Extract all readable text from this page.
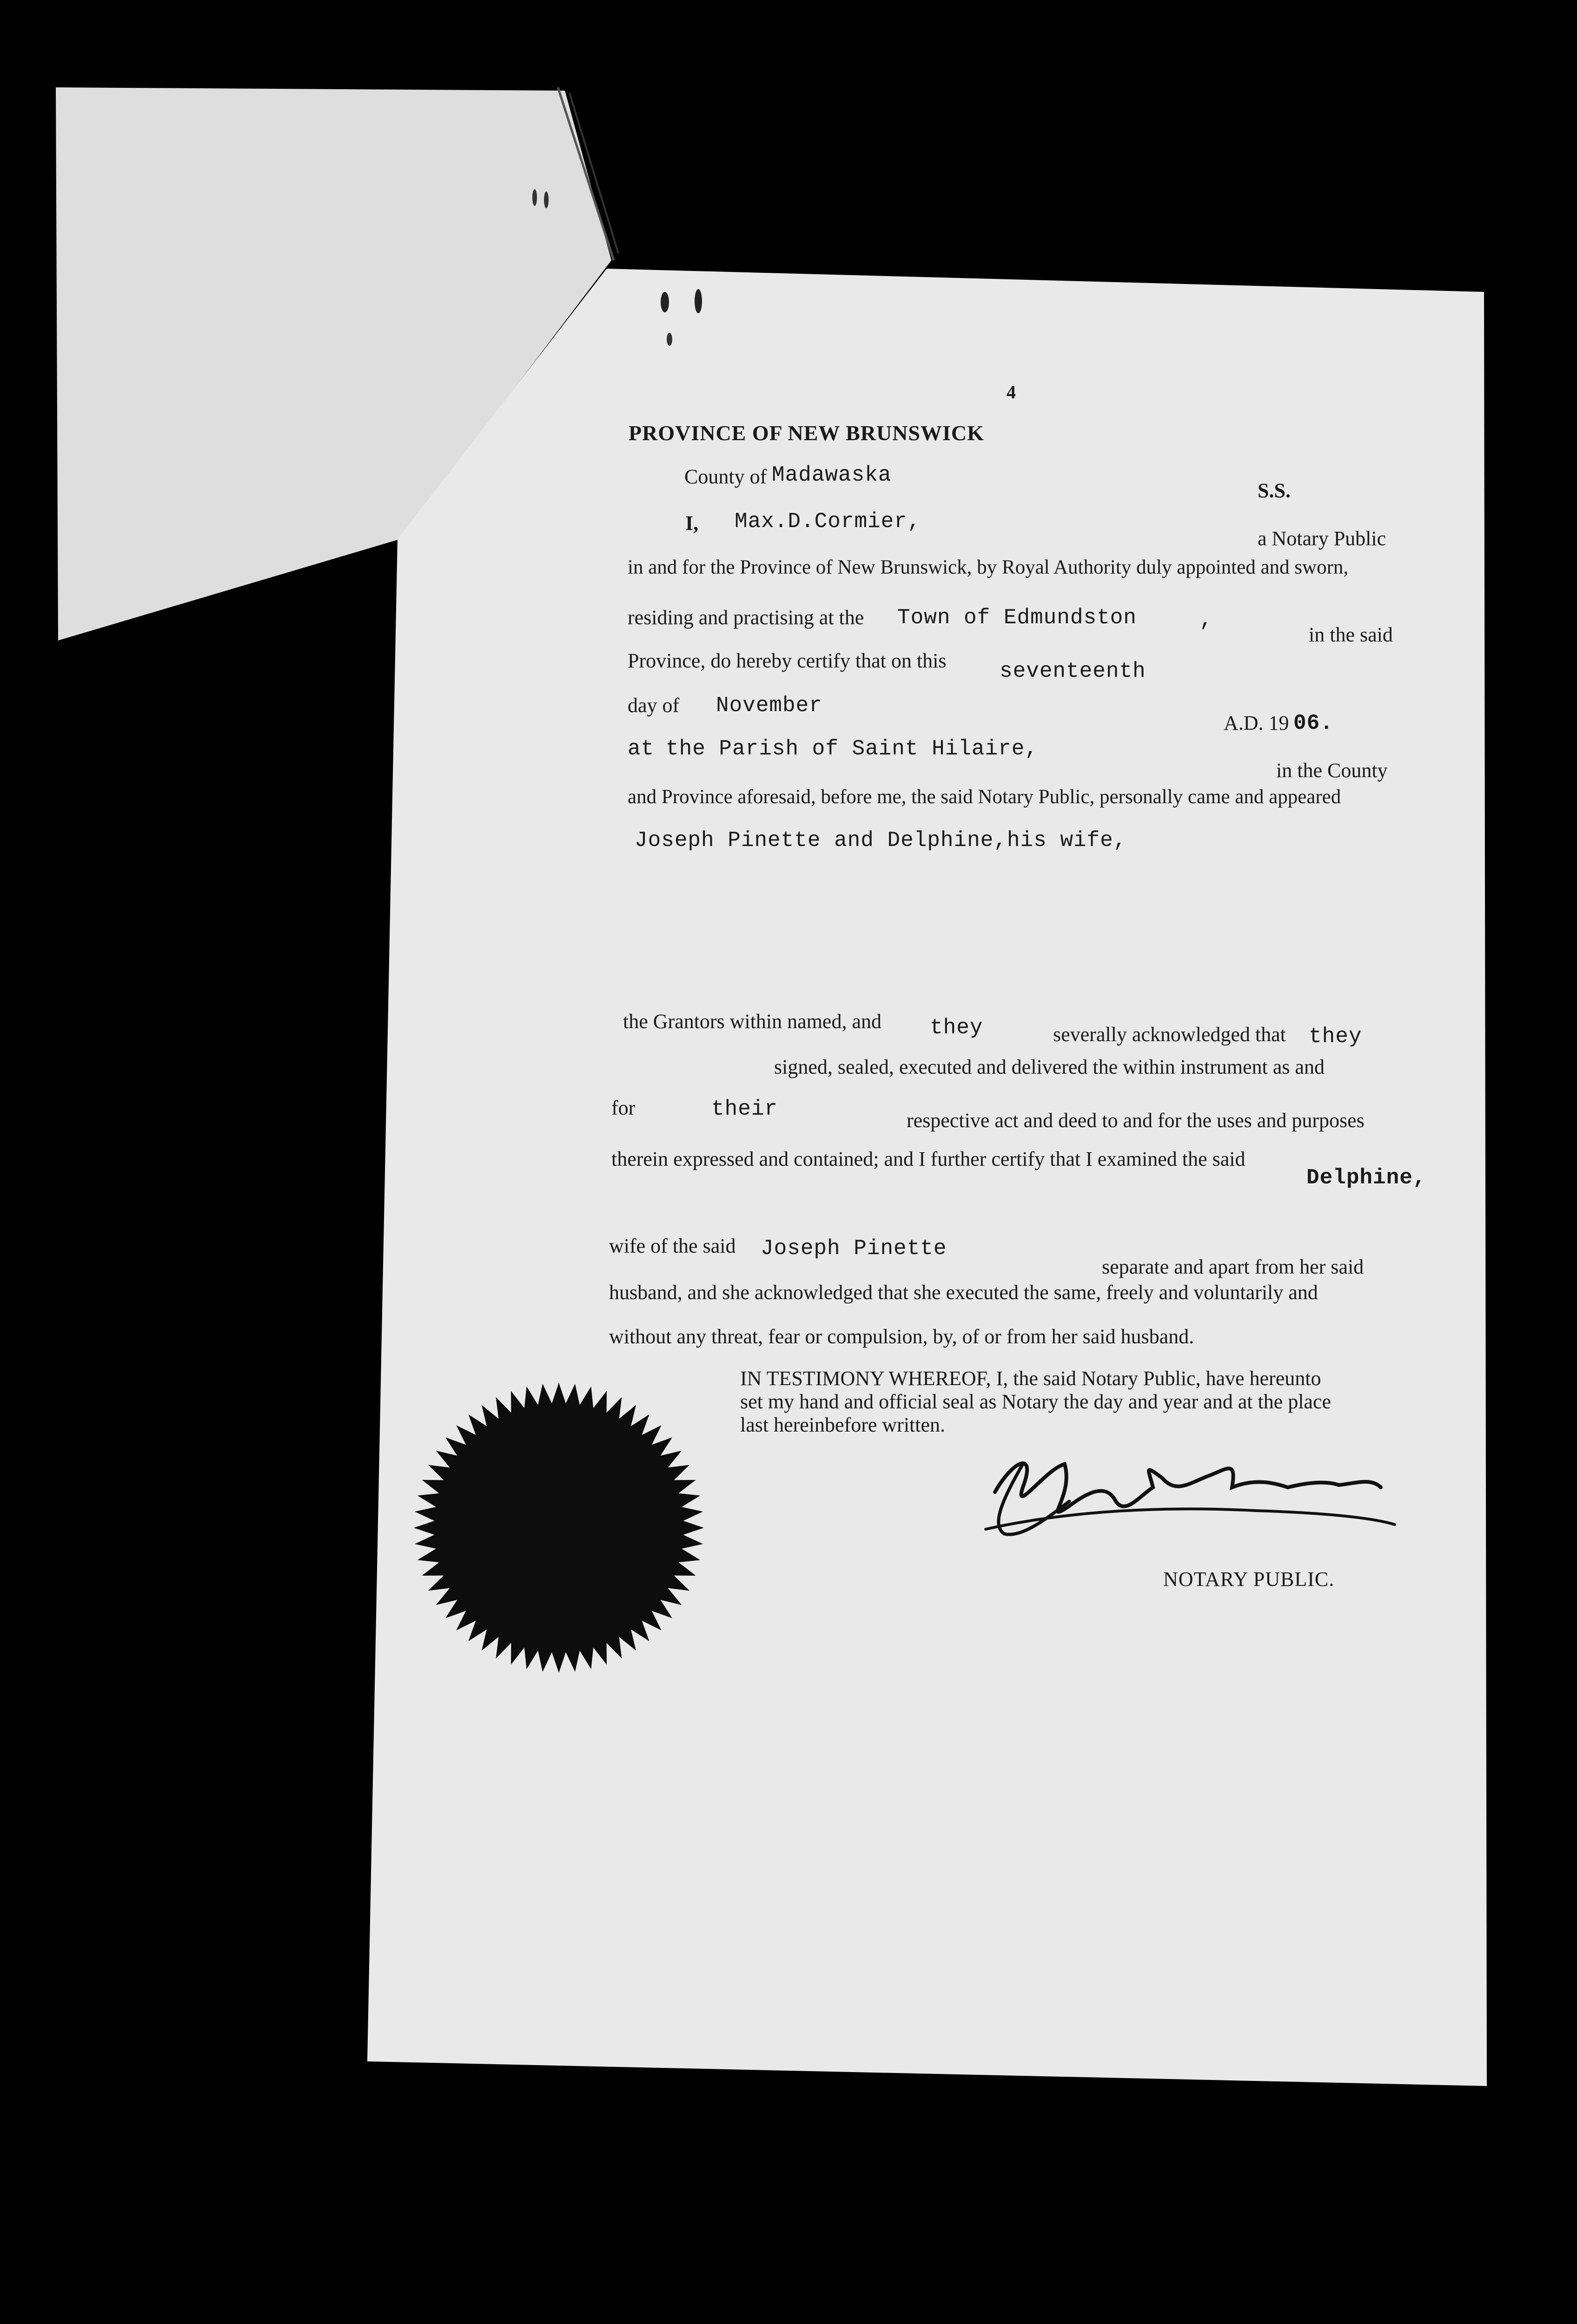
4
PROVINCE OF NEW BRUNSWICK
County of Madawaska
S.S.
I, Max.D.Cormier,
a Notary Public
in and for the Province of New Brunswick, by Royal Authority duly appointed and sworn,
residing and practising at the Town of Edmundston	,
in the said
Province, do hereby certify that on this seventeenth
day of November
A.D. 19 06.
at the Parish of Saint Hilaire,
in the County
and Province aforesaid, before me, the said Notary Public, personally came and appeared
Joseph Pinette and Delphine,his wife,
the Grantors within named, and they	severally acknowledged that they
signed, sealed, executed and delivered the within instrument as and
for	their	respective act and deed to and for the uses and purposes
therein expressed and contained; and I further certify that I examined the said
Delphine,
wife of the said Joseph Pinette
separate and apart from her said
husband, and she acknowledged that she executed the same, freely and voluntarily and
without any threat, fear or compulsion, by, of or from her said husband.
IN TESTIMONY WHEREOF, I, the said Notary Public, have hereunto
set my hand and official seal as Notary the day and year and at the place
last hereinbefore written.
NOTARY PUBLIC.
